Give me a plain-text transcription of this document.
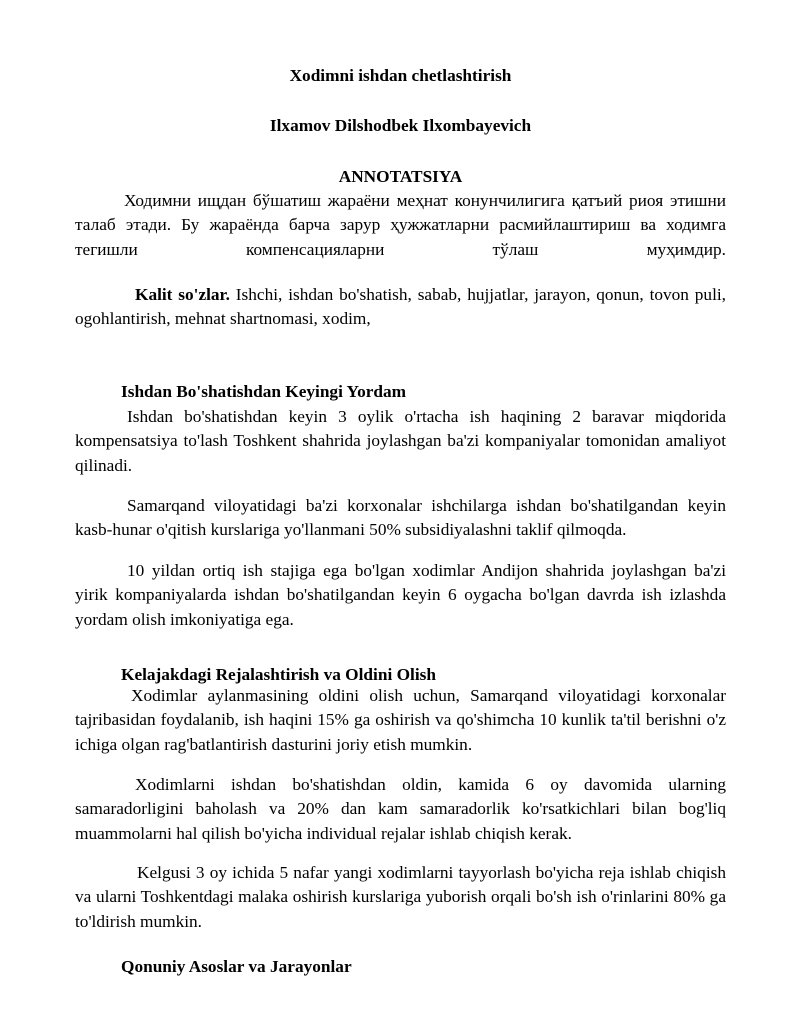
Xodimni ishdan chetlashtirish
Ilxamov Dilshodbek Ilxombayevich
ANNOTATSIYA
Ходимни ищдан бўшатиш жараёни меҳнат конунчилигига қатъий риоя этишни талаб этади. Бу жараёнда барча зарур ҳужжатларни расмийлаштириш ва ходимга тегишли компенсацияларни тўлаш муҳимдир.
Kalit so'zlar. Ishchi, ishdan bo'shatish, sabab, hujjatlar, jarayon, qonun, tovon puli, ogohlantirish, mehnat shartnomasi, xodim,
Ishdan Bo'shatishdan Keyingi Yordam
Ishdan bo'shatishdan keyin 3 oylik o'rtacha ish haqining 2 baravar miqdorida kompensatsiya to'lash Toshkent shahrida joylashgan ba'zi kompaniyalar tomonidan amaliyot qilinadi.
Samarqand viloyatidagi ba'zi korxonalar ishchilarga ishdan bo'shatilgandan keyin kasb-hunar o'qitish kurslariga yo'llanmani 50% subsidiyalashni taklif qilmoqda.
10 yildan ortiq ish stajiga ega bo'lgan xodimlar Andijon shahrida joylashgan ba'zi yirik kompaniyalarda ishdan bo'shatilgandan keyin 6 oygacha bo'lgan davrda ish izlashda yordam olish imkoniyatiga ega.
Kelajakdagi Rejalashtirish va Oldini Olish
Xodimlar aylanmasining oldini olish uchun, Samarqand viloyatidagi korxonalar tajribasidan foydalanib, ish haqini 15% ga oshirish va qo'shimcha 10 kunlik ta'til berishni o'z ichiga olgan rag'batlantirish dasturini joriy etish mumkin.
Xodimlarni ishdan bo'shatishdan oldin, kamida 6 oy davomida ularning samaradorligini baholash va 20% dan kam samaradorlik ko'rsatkichlari bilan bog'liq muammolarni hal qilish bo'yicha individual rejalar ishlab chiqish kerak.
Kelgusi 3 oy ichida 5 nafar yangi xodimlarni tayyorlash bo'yicha reja ishlab chiqish va ularni Toshkentdagi malaka oshirish kurslariga yuborish orqali bo'sh ish o'rinlarini 80% ga to'ldirish mumkin.
Qonuniy Asoslar va Jarayonlar
